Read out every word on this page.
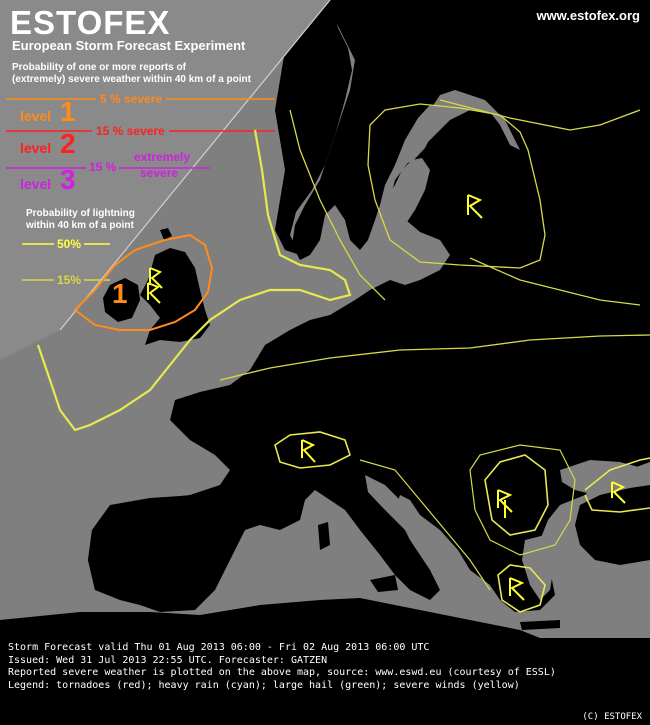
ESTOFEX
European Storm Forecast Experiment
www.estofex.org
Probability of one or more reports of
(extremely) severe weather within 40 km of a point
level 1	5 % severe
level 2	15 % severe
level 3 15 %
extremely
severe
Probability of lightning
within 40 km of a point
50%
15% 1
Storm Forecast valid Thu 01 Aug 2013 06:00 - Fri 02 Aug 2013 06:00 UTC
Issued: Wed 31 Jul 2013 22:55 UTC. Forecaster: GATZEN
Reported severe weather is plotted on the above map, source: www.eswd.eu (courtesy of ESSL)
Legend: tornadoes (red); heavy rain (cyan); large hail (green); severe winds (yellow)
(C) ESTOFEX
